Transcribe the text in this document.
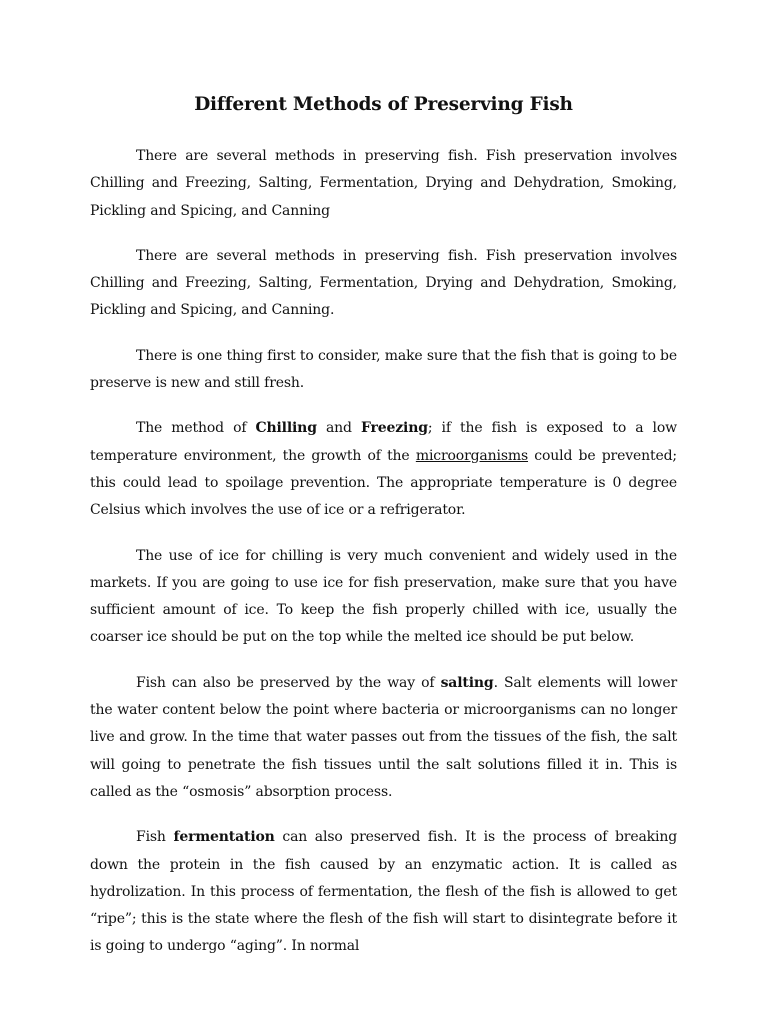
Different Methods of Preserving Fish

There are several methods in preserving fish. Fish preservation involves Chilling and Freezing, Salting, Fermentation, Drying and Dehydration, Smoking, Pickling and Spicing, and Canning

There are several methods in preserving fish. Fish preservation involves Chilling and Freezing, Salting, Fermentation, Drying and Dehydration, Smoking, Pickling and Spicing, and Canning.

There is one thing first to consider, make sure that the fish that is going to be preserve is new and still fresh.

The method of Chilling and Freezing; if the fish is exposed to a low temperature environment, the growth of the microorganisms could be prevented; this could lead to spoilage prevention. The appropriate temperature is 0 degree Celsius which involves the use of ice or a refrigerator.

The use of ice for chilling is very much convenient and widely used in the markets. If you are going to use ice for fish preservation, make sure that you have sufficient amount of ice. To keep the fish properly chilled with ice, usually the coarser ice should be put on the top while the melted ice should be put below.

Fish can also be preserved by the way of salting. Salt elements will lower the water content below the point where bacteria or microorganisms can no longer live and grow. In the time that water passes out from the tissues of the fish, the salt will going to penetrate the fish tissues until the salt solutions filled it in. This is called as the “osmosis” absorption process.

Fish fermentation can also preserved fish. It is the process of breaking down the protein in the fish caused by an enzymatic action. It is called as hydrolization. In this process of fermentation, the flesh of the fish is allowed to get “ripe”; this is the state where the flesh of the fish will start to disintegrate before it is going to undergo “aging”. In normal
